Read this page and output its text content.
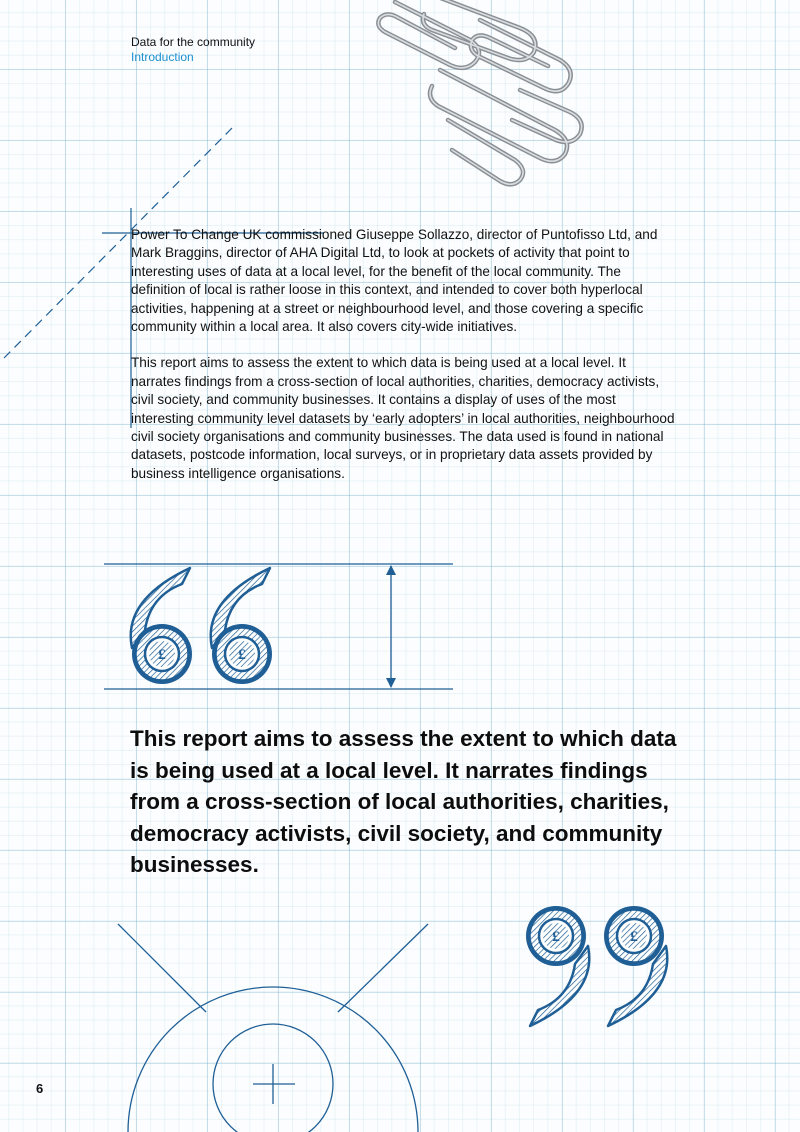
£	£
£	£
Data for the community
Introduction

Power To Change UK commissioned Giuseppe Sollazzo, director of Puntofisso Ltd, and Mark Braggins, director of AHA Digital Ltd, to look at pockets of activity that point to interesting uses of data at a local level, for the benefit of the local community. The definition of local is rather loose in this context, and intended to cover both hyperlocal activities, happening at a street or neighbourhood level, and those covering a specific community within a local area. It also covers city-wide initiatives.

This report aims to assess the extent to which data is being used at a local level. It narrates findings from a cross-section of local authorities, charities, democracy activists, civil society, and community businesses. It contains a display of uses of the most interesting community level datasets by ‘early adopters’ in local authorities, neighbourhood civil society organisations and community businesses. The data used is found in national datasets, postcode information, local surveys, or in proprietary data assets provided by business intelligence organisations.

This report aims to assess the extent to which data is being used at a local level. It narrates findings from a cross-section of local authorities, charities, democracy activists, civil society, and community businesses.
6
